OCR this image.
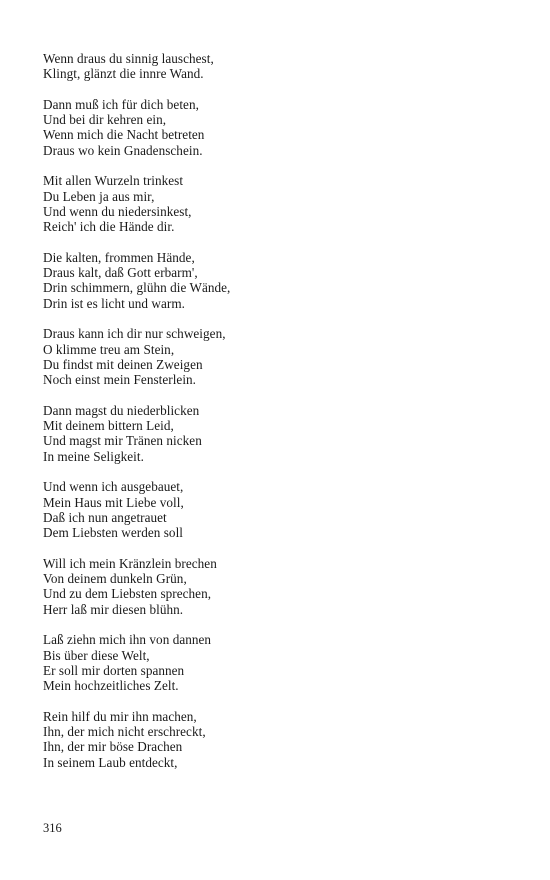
Wenn draus du sinnig lauschest,
Klingt, glänzt die innre Wand.
Dann muß ich für dich beten,
Und bei dir kehren ein,
Wenn mich die Nacht betreten
Draus wo kein Gnadenschein.
Mit allen Wurzeln trinkest
Du Leben ja aus mir,
Und wenn du niedersinkest,
Reich' ich die Hände dir.
Die kalten, frommen Hände,
Draus kalt, daß Gott erbarm',
Drin schimmern, glühn die Wände,
Drin ist es licht und warm.
Draus kann ich dir nur schweigen,
O klimme treu am Stein,
Du findst mit deinen Zweigen
Noch einst mein Fensterlein.
Dann magst du niederblicken
Mit deinem bittern Leid,
Und magst mir Tränen nicken
In meine Seligkeit.
Und wenn ich ausgebauet,
Mein Haus mit Liebe voll,
Daß ich nun angetrauet
Dem Liebsten werden soll
Will ich mein Kränzlein brechen
Von deinem dunkeln Grün,
Und zu dem Liebsten sprechen,
Herr laß mir diesen blühn.
Laß ziehn mich ihn von dannen
Bis über diese Welt,
Er soll mir dorten spannen
Mein hochzeitliches Zelt.
Rein hilf du mir ihn machen,
Ihn, der mich nicht erschreckt,
Ihn, der mir böse Drachen
In seinem Laub entdeckt,
316
